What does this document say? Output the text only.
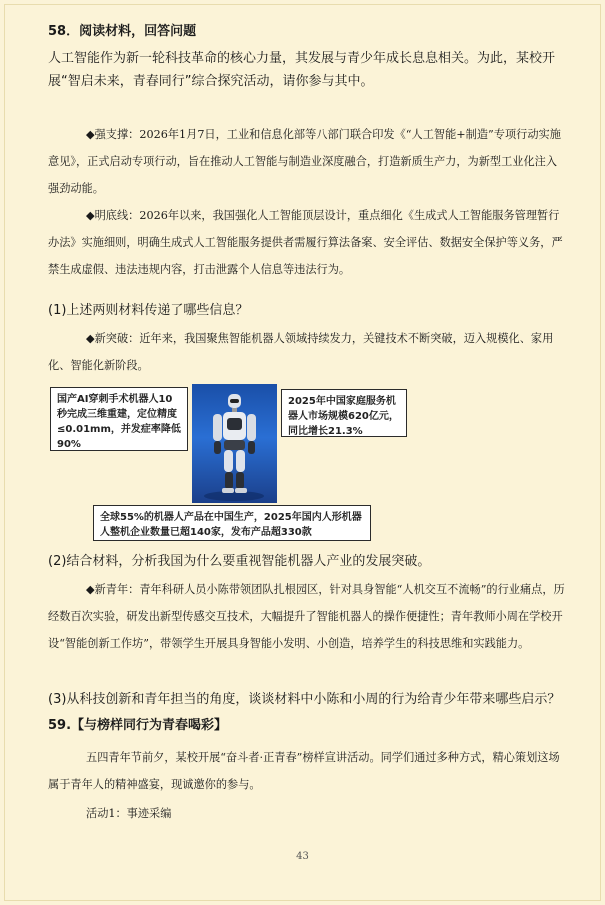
58．阅读材料，回答问题
人工智能作为新一轮科技革命的核心力量，其发展与青少年成长息息相关。为此，某校开展“智启未来，青春同行”综合探究活动，请你参与其中。
◆强支撑：2026年1月7日，工业和信息化部等八部门联合印发《“人工智能+制造”专项行动实施意见》，正式启动专项行动，旨在推动人工智能与制造业深度融合，打造新质生产力，为新型工业化注入强劲动能。
◆明底线：2026年以来，我国强化人工智能顶层设计，重点细化《生成式人工智能服务管理暂行办法》实施细则，明确生成式人工智能服务提供者需履行算法备案、安全评估、数据安全保护等义务，严禁生成虚假、违法违规内容，打击泄露个人信息等违法行为。
(1)上述两则材料传递了哪些信息？
◆新突破：近年来，我国聚焦智能机器人领域持续发力，关键技术不断突破，迈入规模化、家用化、智能化新阶段。
国产AI穿刺手术机器人10秒完成三维重建，定位精度≤0.01mm，并发症率降低90%
2025年中国家庭服务机器人市场规模620亿元，同比增长21.3%
全球55%的机器人产品在中国生产，2025年国内人形机器人整机企业数量已超140家，发布产品超330款
(2)结合材料，分析我国为什么要重视智能机器人产业的发展突破。
◆新青年：青年科研人员小陈带领团队扎根园区，针对具身智能“人机交互不流畅”的行业痛点，历经数百次实验，研发出新型传感交互技术，大幅提升了智能机器人的操作便捷性；青年教师小周在学校开设“智能创新工作坊”，带领学生开展具身智能小发明、小创造，培养学生的科技思维和实践能力。
(3)从科技创新和青年担当的角度，谈谈材料中小陈和小周的行为给青少年带来哪些启示？
59.【与榜样同行为青春喝彩】
五四青年节前夕，某校开展“奋斗者·正青春”榜样宣讲活动。同学们通过多种方式，精心策划这场属于青年人的精神盛宴，现诚邀你的参与。
活动1：事迹采编
43
